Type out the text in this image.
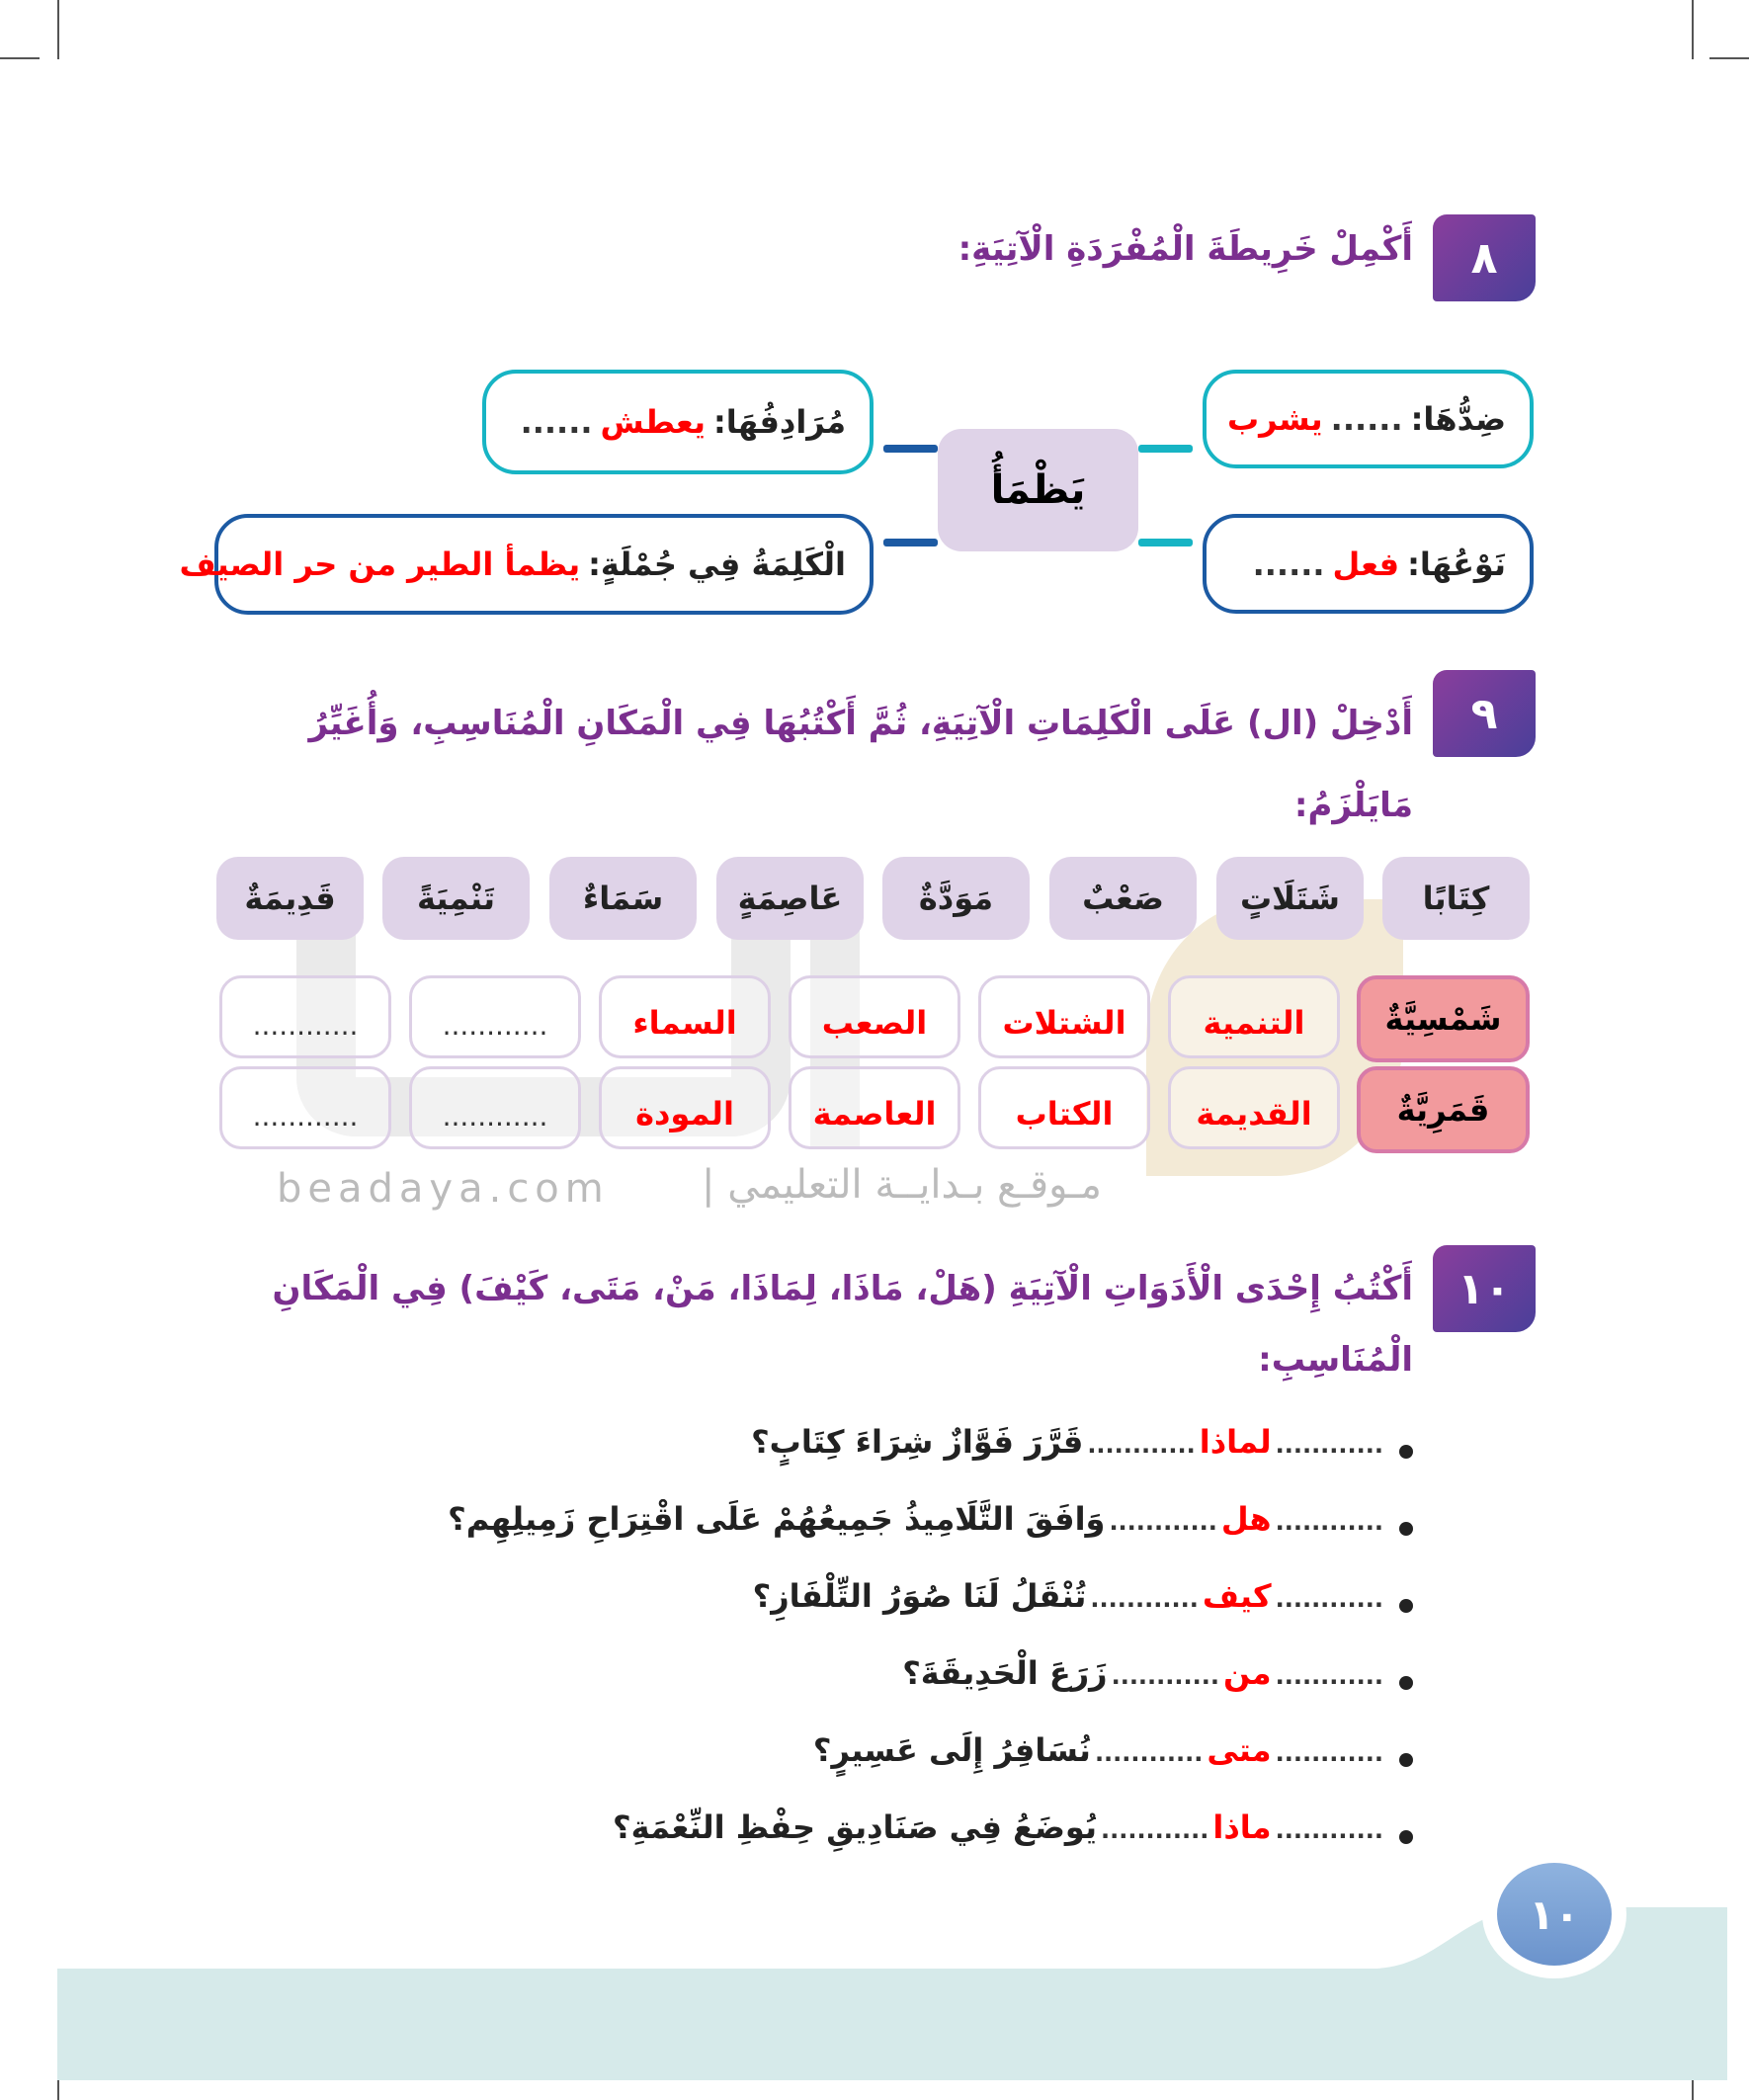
beadaya.com مـوقـع بـدايــة التعليمي |
٨
أَكْمِلْ خَرِيطَةَ الْمُفْرَدَةِ الْآتِيَةِ:
ضِدُّهَا:
......
يشرب
مُرَادِفُهَا:
يعطش
......
يَظْمَأُ
نَوْعُهَا:
فعل
......
الْكَلِمَةُ فِي جُمْلَةٍ:
يظمأ الطير من حر الصيف
٩
أَدْخِلْ (ال) عَلَى الْكَلِمَاتِ الْآتِيَةِ، ثُمَّ أَكْتُبُهَا فِي الْمَكَانِ الْمُنَاسِبِ، وَأُغَيِّرُ
مَايَلْزَمُ:
كِتَابًا
شَتَلَاتٍ
صَعْبٌ
مَوَدَّةٌ
عَاصِمَةٍ
سَمَاءٌ
تَنْمِيَةً
قَدِيمَةٌ
شَمْسِيَّةٌ
قَمَرِيَّةٌ
التنمية
الشتلات
الصعب
السماء
............
............
القديمة
الكتاب
العاصمة
المودة
............
............
١٠
أَكْتُبُ إِحْدَى الْأَدَوَاتِ الْآتِيَةِ (هَلْ، مَاذَا، لِمَاذَا، مَنْ، مَتَى، كَيْفَ) فِي الْمَكَانِ
الْمُنَاسِبِ:
............
لماذا
............
قَرَّرَ فَوَّازٌ شِرَاءَ كِتَابٍ؟
............
هل
............
وَافَقَ التَّلَامِيذُ جَمِيعُهُمْ عَلَى اقْتِرَاحِ زَمِيلِهِم؟
............
كيف
............
تُنْقَلُ لَنَا صُوَرُ التِّلْفَازِ؟
............
من
............
زَرَعَ الْحَدِيقَةَ؟
............
متى
............
نُسَافِرُ إِلَى عَسِيرٍ؟
............
ماذا
............
يُوضَعُ فِي صَنَادِيقِ حِفْظِ النِّعْمَةِ؟
١٠
